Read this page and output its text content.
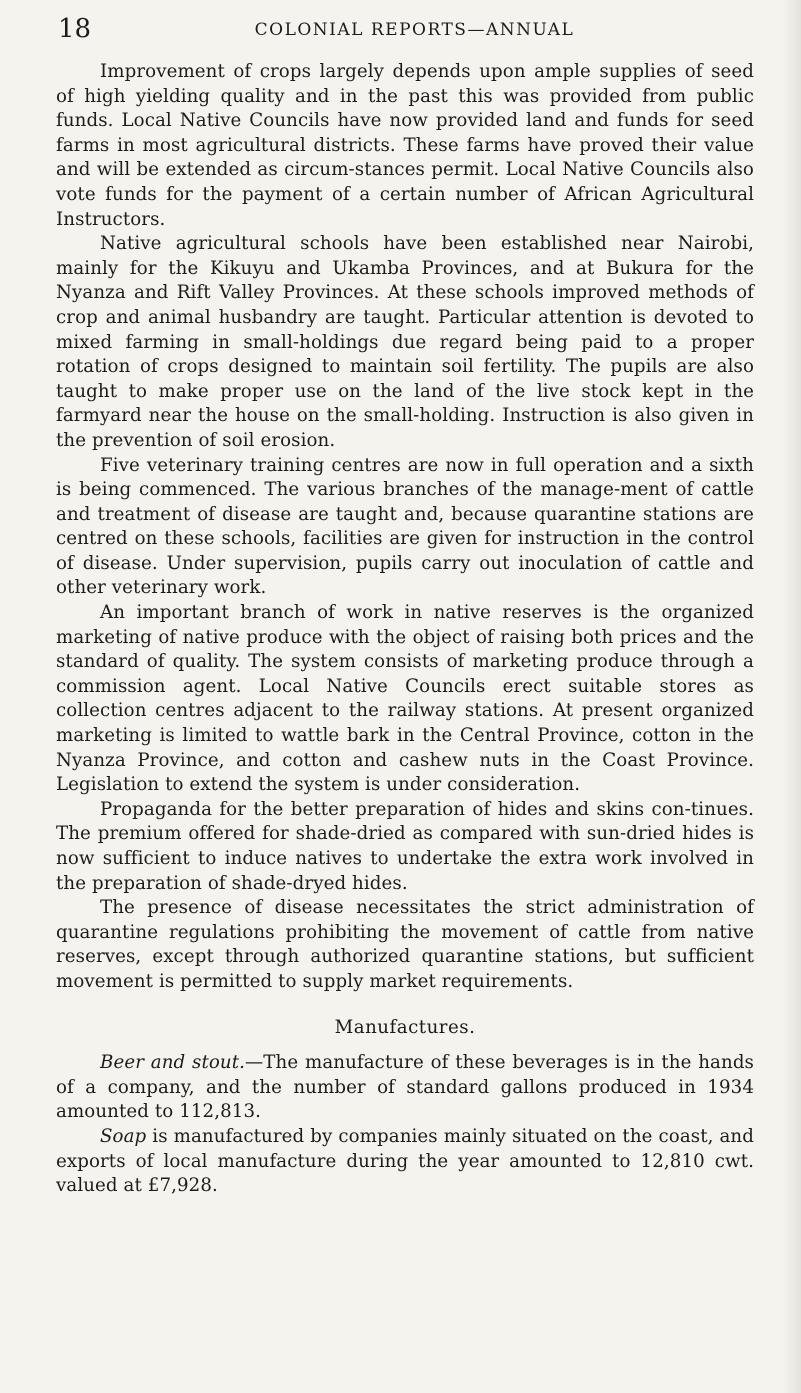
18	COLONIAL REPORTS—ANNUAL

Improvement of crops largely depends upon ample supplies of seed of high yielding quality and in the past this was provided from public funds. Local Native Councils have now provided land and funds for seed farms in most agricultural districts. These farms have proved their value and will be extended as circum-stances permit. Local Native Councils also vote funds for the payment of a certain number of African Agricultural Instructors.

Native agricultural schools have been established near Nairobi, mainly for the Kikuyu and Ukamba Provinces, and at Bukura for the Nyanza and Rift Valley Provinces. At these schools improved methods of crop and animal husbandry are taught. Particular attention is devoted to mixed farming in small-holdings due regard being paid to a proper rotation of crops designed to maintain soil fertility. The pupils are also taught to make proper use on the land of the live stock kept in the farmyard near the house on the small-holding. Instruction is also given in the prevention of soil erosion.

Five veterinary training centres are now in full operation and a sixth is being commenced. The various branches of the manage-ment of cattle and treatment of disease are taught and, because quarantine stations are centred on these schools, facilities are given for instruction in the control of disease. Under supervision, pupils carry out inoculation of cattle and other veterinary work.

An important branch of work in native reserves is the organized marketing of native produce with the object of raising both prices and the standard of quality. The system consists of marketing produce through a commission agent. Local Native Councils erect suitable stores as collection centres adjacent to the railway stations. At present organized marketing is limited to wattle bark in the Central Province, cotton in the Nyanza Province, and cotton and cashew nuts in the Coast Province. Legislation to extend the system is under consideration.

Propaganda for the better preparation of hides and skins con-tinues. The premium offered for shade-dried as compared with sun-dried hides is now sufficient to induce natives to undertake the extra work involved in the preparation of shade-dryed hides.

The presence of disease necessitates the strict administration of quarantine regulations prohibiting the movement of cattle from native reserves, except through authorized quarantine stations, but sufficient movement is permitted to supply market requirements.

Manufactures.

Beer and stout.—The manufacture of these beverages is in the hands of a company, and the number of standard gallons produced in 1934 amounted to 112,813.

Soap is manufactured by companies mainly situated on the coast, and exports of local manufacture during the year amounted to 12,810 cwt. valued at £7,928.
